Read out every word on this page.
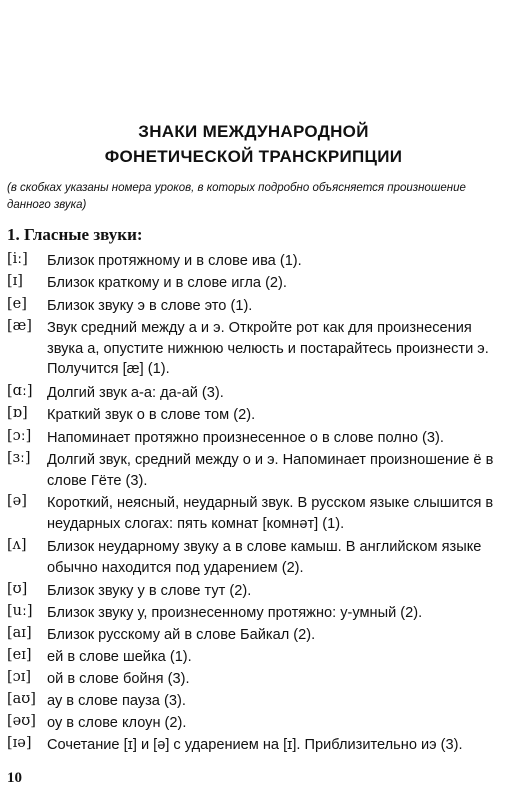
ЗНАКИ МЕЖДУНАРОДНОЙ
ФОНЕТИЧЕСКОЙ ТРАНСКРИПЦИИ
(в скобках указаны номера уроков, в которых подробно объясняется произношение данного звука)
1. Гласные звуки:
[iː]	Близок протяжному и в слове ива (1).
[ɪ]	Близок краткому и в слове игла (2).
[e]	Близок звуку э в слове это (1).
[æ]	Звук средний между а и э. Откройте рот как для произнесения звука а, опустите нижнюю челюсть и постарайтесь произнести э. Получится [æ] (1).
[ɑː] Долгий звук а-а: да-ай (3).
[ɒ]	Краткий звук о в слове том (2).
[ɔː]	Напоминает протяжно произнесенное о в слове полно (3).
[ɜː]	Долгий звук, средний между о и э. Напоминает произношение ё в слове Гёте (3).
[ə]	Короткий, неясный, неударный звук. В русском языке слышится в неударных слогах: пять комнат [комнәт] (1).
[ʌ]	Близок неударному звуку а в слове камыш. В английском языке обычно находится под ударением (2).
[ʊ]	Близок звуку у в слове тут (2).
[uː] Близок звуку у, произнесенному протяжно: у-умный (2).
[aɪ]	Близок русскому ай в слове Байкал (2).
[eɪ]	ей в слове шейка (1).
[ɔɪ]	ой в слове бойня (3).
[aʊ] ау в слове пауза (3).
[əʊ] оу в слове клоун (2).
[ɪə]	Сочетание [ɪ] и [ə] с ударением на [ɪ]. Приблизительно иэ (3).
10
